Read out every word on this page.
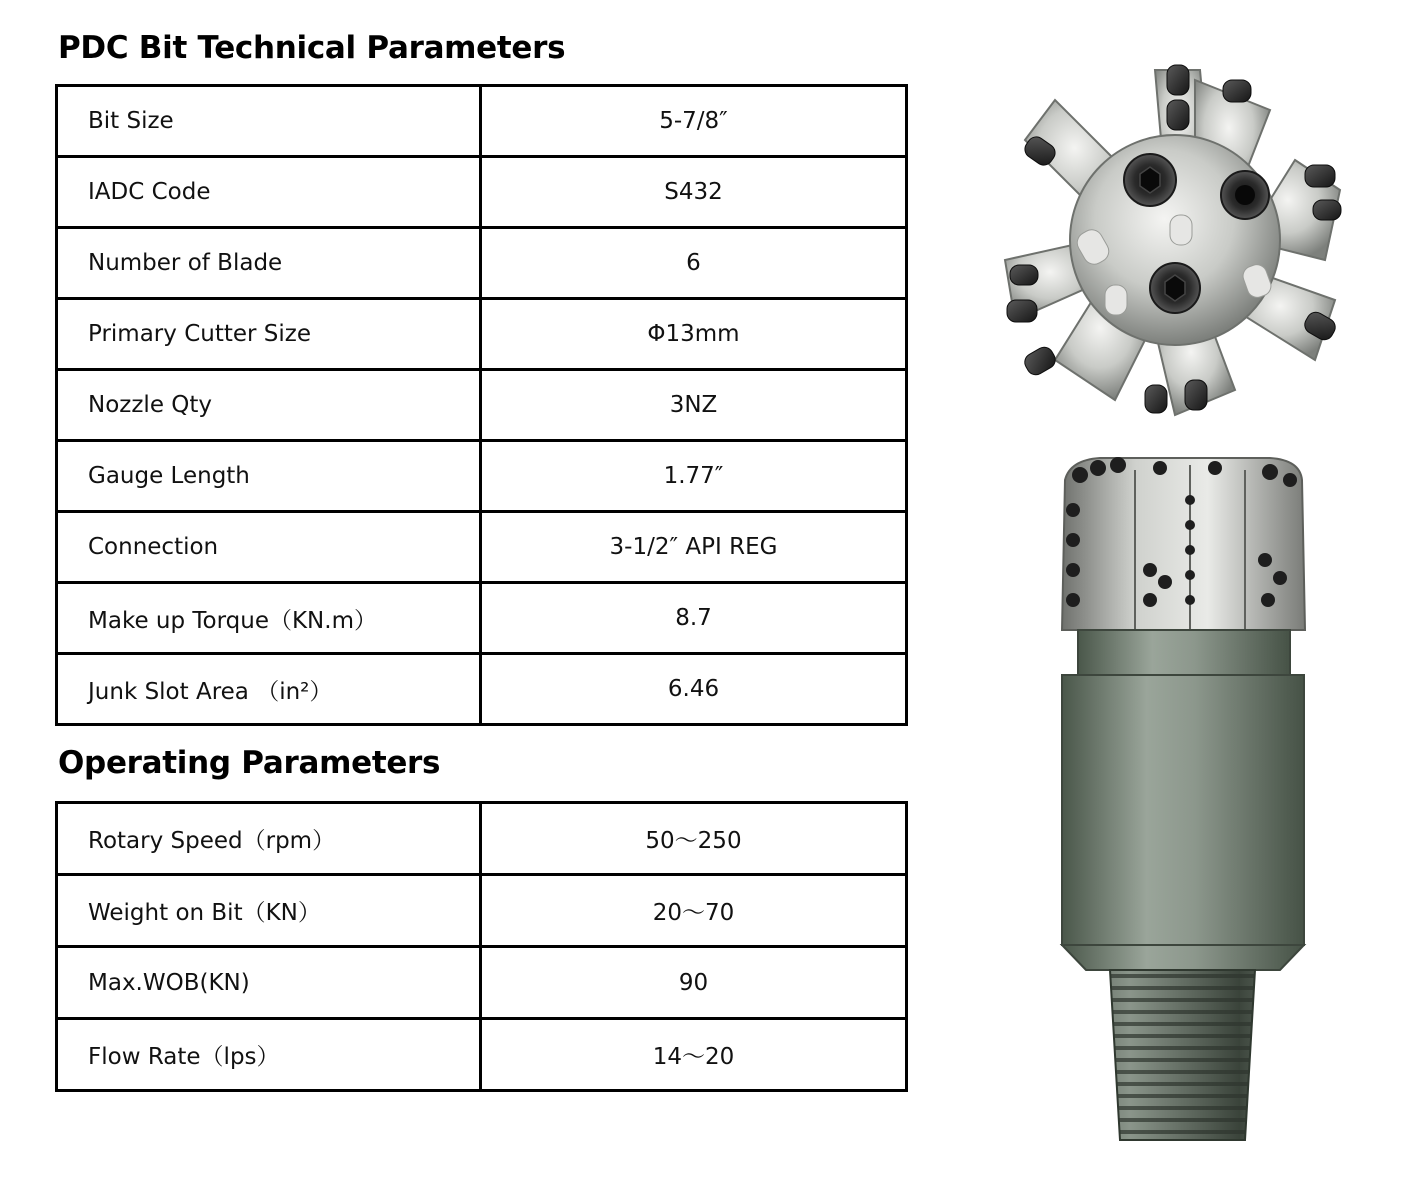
PDC Bit Technical Parameters
Bit Size	5-7/8″
IADC Code	S432
Number of Blade	6
Primary Cutter Size	Φ13mm
Nozzle Qty	3NZ
Gauge Length	1.77″
Connection	3-1/2″ API REG
Make up Torque（KN.m）	8.7
Junk Slot Area （in²）	6.46
Operating Parameters
Rotary Speed（rpm）	50～250
Weight on Bit（KN）	20～70
Max.WOB(KN)	90
Flow Rate（lps）	14～20
